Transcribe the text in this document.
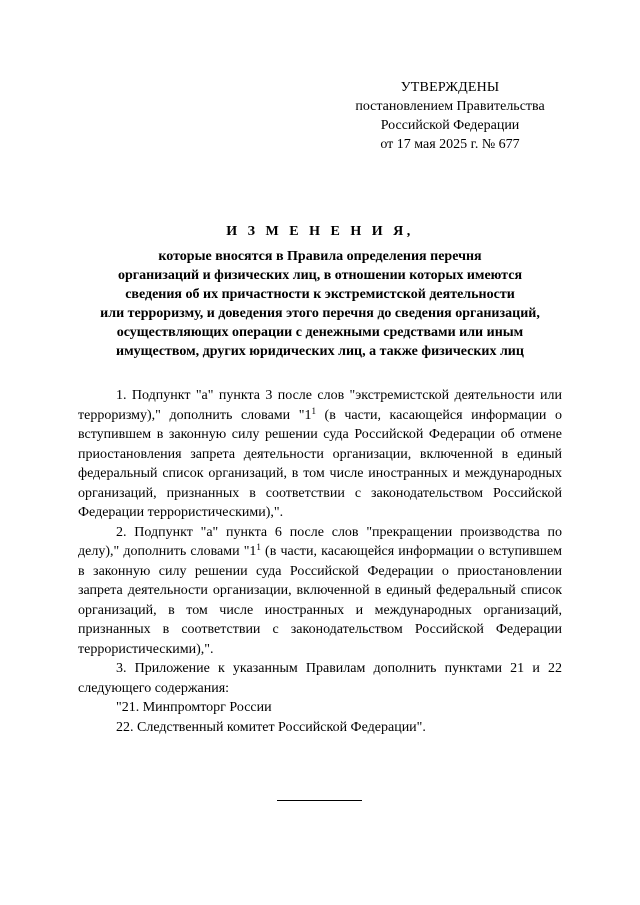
УТВЕРЖДЕНЫ
постановлением Правительства
Российской Федерации
от 17 мая 2025 г. № 677
И З М Е Н Е Н И Я,
которые вносятся в Правила определения перечня
организаций и физических лиц, в отношении которых имеются
сведения об их причастности к экстремистской деятельности
или терроризму, и доведения этого перечня до сведения организаций,
осуществляющих операции с денежными средствами или иным
имуществом, других юридических лиц, а также физических лиц

1. Подпункт "а" пункта 3 после слов "экстремистской деятельности или терроризму)," дополнить словами "$1^1$ (в части, касающейся информации о вступившем в законную силу решении суда Российской Федерации об отмене приостановления запрета деятельности организации, включенной в единый федеральный список организаций, в том числе иностранных и международных организаций, признанных в соответствии с законодательством Российской Федерации террористическими),".

2. Подпункт "а" пункта 6 после слов "прекращении производства по делу)," дополнить словами "$1^1$ (в части, касающейся информации о вступившем в законную силу решении суда Российской Федерации о приостановлении запрета деятельности организации, включенной в единый федеральный список организаций, в том числе иностранных и международных организаций, признанных в соответствии с законодательством Российской Федерации террористическими),".

3. Приложение к указанным Правилам дополнить пунктами 21 и 22 следующего содержания:

"21. Минпромторг России

22. Следственный комитет Российской Федерации".
